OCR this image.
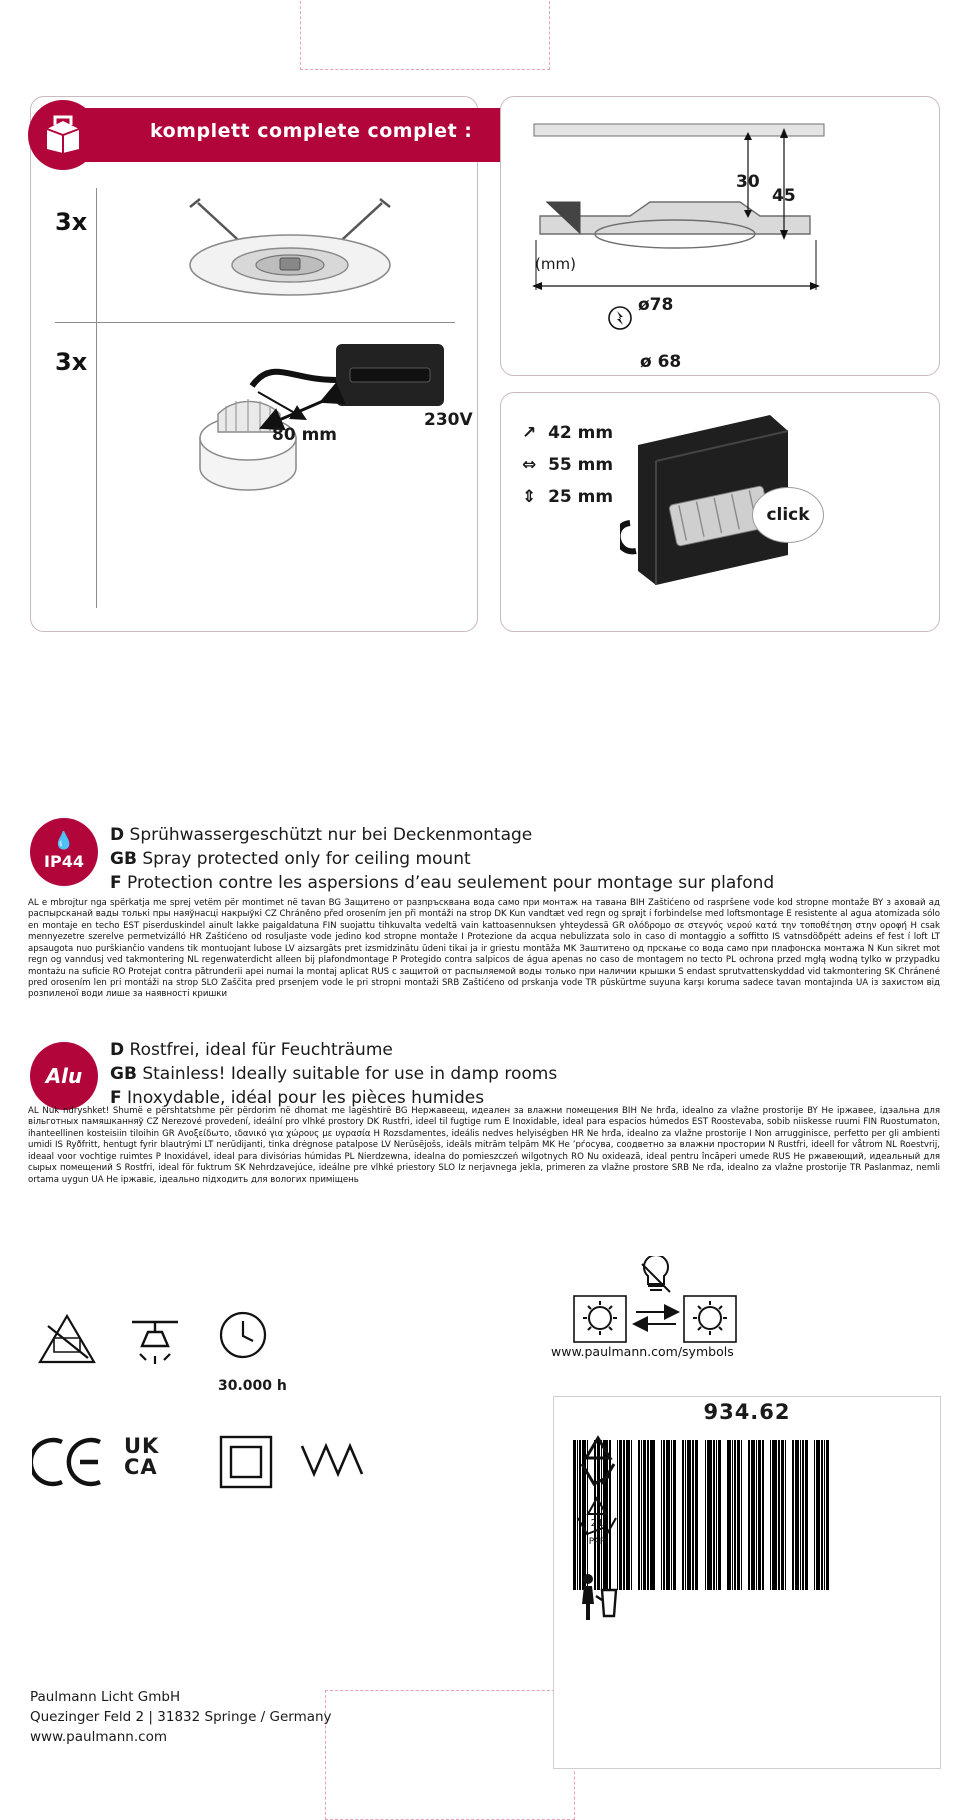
komplett complete complet :
3x
3x
80 mm
230V
(mm)
30
45
ø78
ø 68
↗  42 mm
⇔  55 mm
⇕  25 mm
click
💧
IP44
D Sprühwassergeschützt nur bei Deckenmontage
GB Spray protected only for ceiling mount
F Protection contre les aspersions d’eau seulement pour montage sur plafond
AL e mbrojtur nga spërkatja me sprej vetëm për montimet në tavan BG Защитено от разпръсквана вода само при монтаж на тавана BIH Zaštićeno od raspršene vode kod stropne montaže BY з аховай ад распырсканай вады толькі пры наяўнасці накрыўкі CZ Chráněno před orosením jen při montáži na strop DK Kun vandtæt ved regn og sprøjt i forbindelse med loftsmontage E resistente al agua atomizada sólo en montaje en techo EST piserduskindel ainult lakke paigaldatuna FIN suojattu tihkuvalta vedeltä vain kattoasennuksen yhteydessä GR ολόδρομο σε στεγνός νερού κατά την τοποθέτηση στην οροφή H csak mennyezetre szerelve permetvizálló HR Zaštićeno od rosuljaste vode jedino kod stropne montaže I Protezione da acqua nebulizzata solo in caso di montaggio a soffitto IS vatnsdöðpétt adeins ef fest í loft LT apsaugota nuo purškiančio vandens tik montuojant lubose LV aizsargāts pret izsmidzinātu ūdeni tikai ja ir griestu montāža MK Заштитено од прскање со вода само при плафонска монтажа N Kun sikret mot regn og vanndusj ved takmontering NL regenwaterdicht alleen bij plafondmontage P Protegido contra salpicos de água apenas no caso de montagem no tecto PL ochrona przed mgłą wodną tylko w przypadku montażu na suficie RO Protejat contra pătrunderii apei numai la montaj aplicat RUS с защитой от распыляемой воды только при наличии крышки S endast sprutvattenskyddad vid takmontering SK Chránené pred orosením len pri montáži na strop SLO Zaščita pred prsenjem vode le pri stropni montaži SRB Zaštićeno od prskanja vode TR püskürtme suyuna karşı koruma sadece tavan montajında UA із захистом від розпиленої води лише за наявності кришки
Alu
D Rostfrei, ideal für Feuchträume
GB Stainless! Ideally suitable for use in damp rooms
F Inoxydable, idéal pour les pièces humides
AL Nuk ndryshket! Shumë e përshtatshme për përdorim në dhomat me lagështirë BG Нержавеещ, идеален за влажни помещения BIH Ne hrđa, idealno za vlažne prostorije BY Не іржавее, ідэальна для вільготных памяшканняў CZ Nerezové provedení, ideální pro vlhké prostory DK Rustfri, ideel til fugtige rum E Inoxidable, ideal para espacios húmedos EST Roostevaba, sobib niiskesse ruumi FIN Ruostumaton, ihanteellinen kosteisiin tiloihin GR Ανοξείδωτο, ιδανικό για χώρους με υγρασία H Rozsdamentes, ideális nedves helyiségben HR Ne hrđa, idealno za vlažne prostorije I Non arrugginisce, perfetto per gli ambienti umidi IS Ryðfritt, hentugt fyrir blautrými LT nerūdijanti, tinka drėgnose patalpose LV Nerūsējošs, ideāls mitrām telpām MK Не ’рѓосува, соодветно за влажни простории N Rustfri, ideell for våtrom NL Roestvrij, ideaal voor vochtige ruimtes P Inoxidável, ideal para divisórias húmidas PL Nierdzewna, idealna do pomieszczeń wilgotnych RO Nu oxidează, ideal pentru încăperi umede RUS Не ржавеющий, идеальный для сырых помещений S Rostfri, ideal för fuktrum SK Nehrdzavejúce, ideálne pre vlhké priestory SLO Iz nerjavnega jekla, primeren za vlažne prostore SRB Ne rđa, idealno za vlažne prostorije TR Paslanmaz, nemli ortama uygun UA Не іржавіє, ідеально підходить для вологих приміщень
30.000 h
UK
CA
www.paulmann.com/symbols
934.62

21
PAP
Paulmann Licht GmbH
Quezinger Feld 2 | 31832 Springe / Germany
www.paulmann.com
